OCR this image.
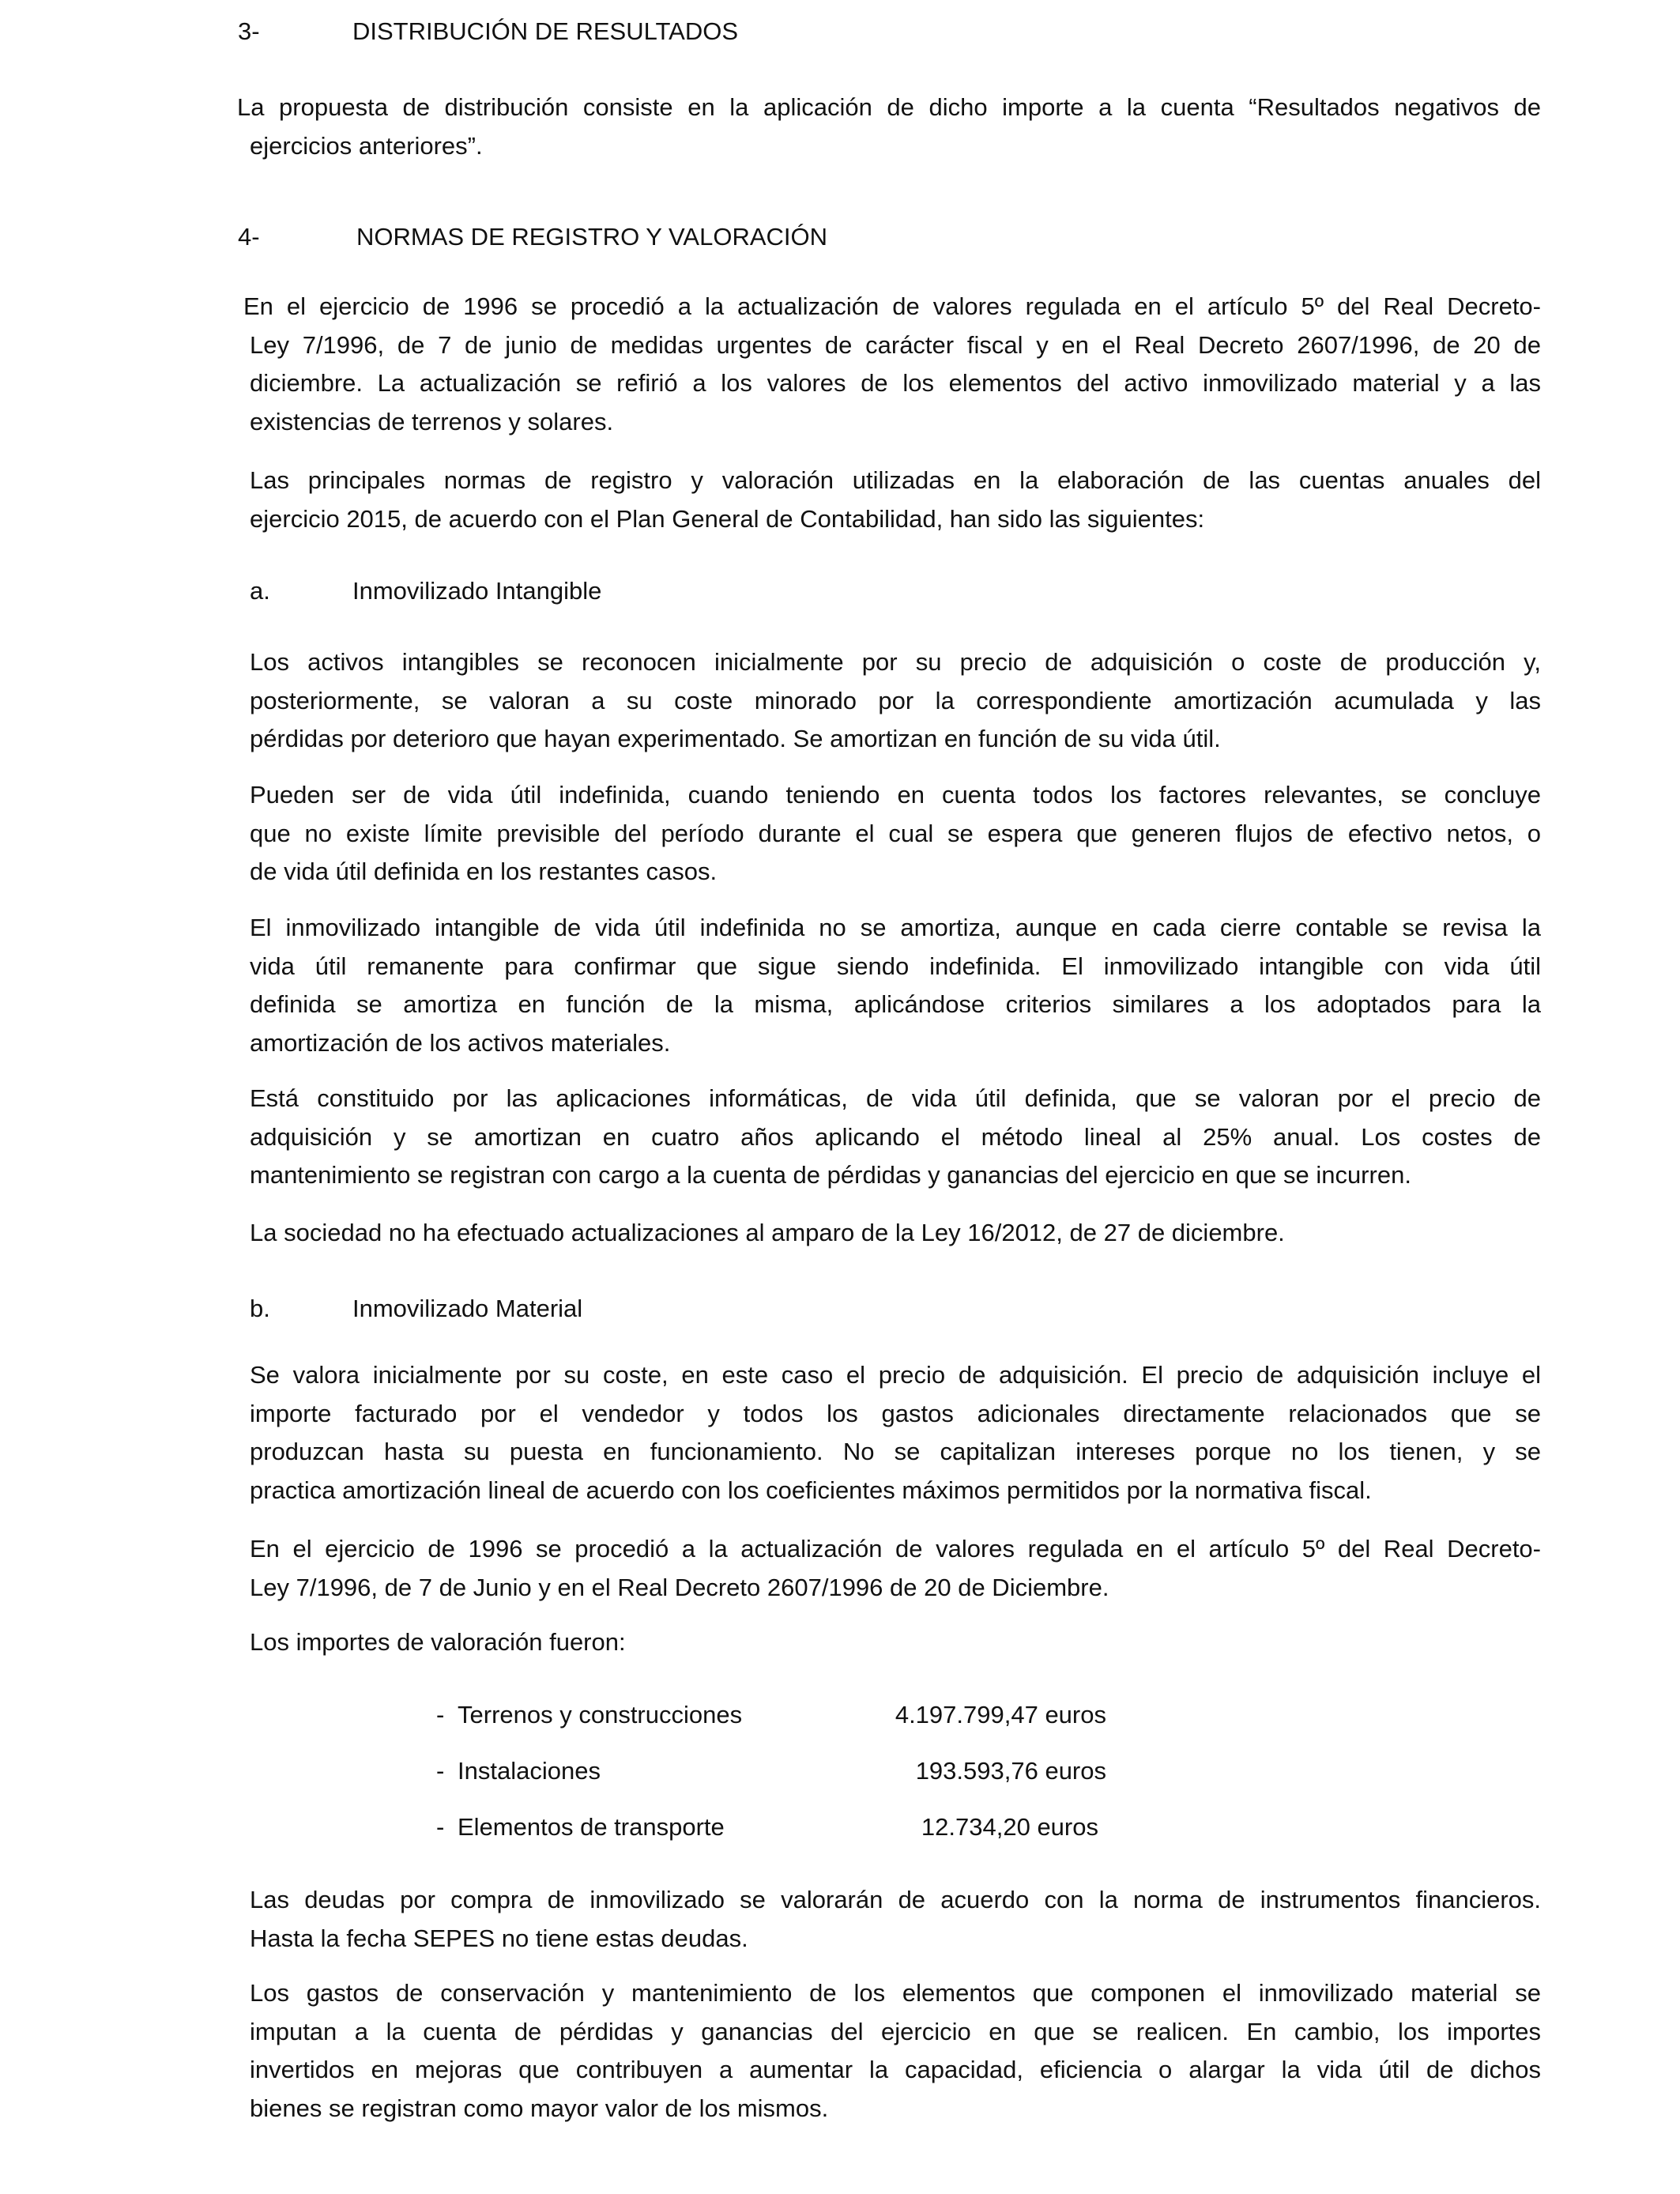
3-	DISTRIBUCIÓN DE RESULTADOS
La propuesta de distribución consiste en la aplicación de dicho importe a la cuenta “Resultados negativos de
ejercicios anteriores”.
4-	NORMAS DE REGISTRO Y VALORACIÓN
En el ejercicio de 1996 se procedió a la actualización de valores regulada en el artículo 5º del Real Decreto-
Ley 7/1996, de 7 de junio de medidas urgentes de carácter fiscal y en el Real Decreto 2607/1996, de 20 de
diciembre. La actualización se refirió a los valores de los elementos del activo inmovilizado material y a las
existencias de terrenos y solares.
Las principales normas de registro y valoración utilizadas en la elaboración de las cuentas anuales del
ejercicio 2015, de acuerdo con el Plan General de Contabilidad, han sido las siguientes:
a.	Inmovilizado Intangible
Los activos intangibles se reconocen inicialmente por su precio de adquisición o coste de producción y,
posteriormente, se valoran a su coste minorado por la correspondiente amortización acumulada y las
pérdidas por deterioro que hayan experimentado. Se amortizan en función de su vida útil.
Pueden ser de vida útil indefinida, cuando teniendo en cuenta todos los factores relevantes, se concluye
que no existe límite previsible del período durante el cual se espera que generen flujos de efectivo netos, o
de vida útil definida en los restantes casos.
El inmovilizado intangible de vida útil indefinida no se amortiza, aunque en cada cierre contable se revisa la
vida útil remanente para confirmar que sigue siendo indefinida. El inmovilizado intangible con vida útil
definida se amortiza en función de la misma, aplicándose criterios similares a los adoptados para la
amortización de los activos materiales.
Está constituido por las aplicaciones informáticas, de vida útil definida, que se valoran por el precio de
adquisición y se amortizan en cuatro años aplicando el método lineal al 25% anual. Los costes de
mantenimiento se registran con cargo a la cuenta de pérdidas y ganancias del ejercicio en que se incurren.
La sociedad no ha efectuado actualizaciones al amparo de la Ley 16/2012, de 27 de diciembre.
b.	Inmovilizado Material
Se valora inicialmente por su coste, en este caso el precio de adquisición. El precio de adquisición incluye el
importe facturado por el vendedor y todos los gastos adicionales directamente relacionados que se
produzcan hasta su puesta en funcionamiento. No se capitalizan intereses porque no los tienen, y se
practica amortización lineal de acuerdo con los coeficientes máximos permitidos por la normativa fiscal.
En el ejercicio de 1996 se procedió a la actualización de valores regulada en el artículo 5º del Real Decreto-
Ley 7/1996, de 7 de Junio y en el Real Decreto 2607/1996 de 20 de Diciembre.
Los importes de valoración fueron:
- Terrenos y construcciones	4.197.799,47 euros
- Instalaciones	193.593,76 euros
- Elementos de transporte	12.734,20 euros
Las deudas por compra de inmovilizado se valorarán de acuerdo con la norma de instrumentos financieros.
Hasta la fecha SEPES no tiene estas deudas.
Los gastos de conservación y mantenimiento de los elementos que componen el inmovilizado material se
imputan a la cuenta de pérdidas y ganancias del ejercicio en que se realicen. En cambio, los importes
invertidos en mejoras que contribuyen a aumentar la capacidad, eficiencia o alargar la vida útil de dichos
bienes se registran como mayor valor de los mismos.
